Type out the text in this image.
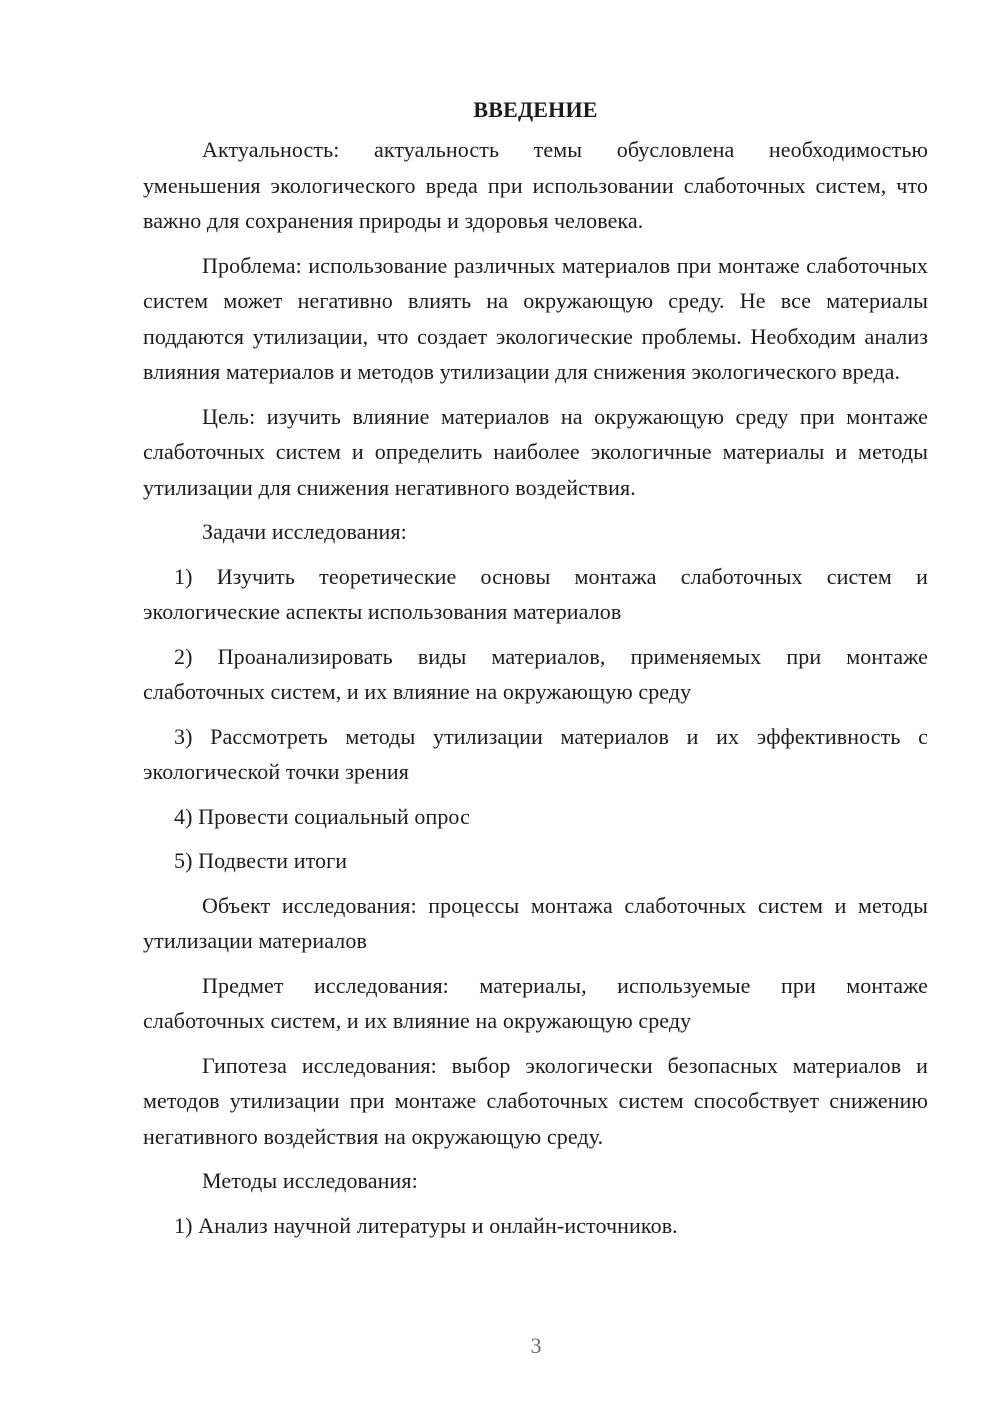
ВВЕДЕНИЕ

Актуальность: актуальность темы обусловлена необходимостью уменьшения экологического вреда при использовании слаботочных систем, что важно для сохранения природы и здоровья человека.

Проблема: использование различных материалов при монтаже слаботочных систем может негативно влиять на окружающую среду. Не все материалы поддаются утилизации, что создает экологические проблемы. Необходим анализ влияния материалов и методов утилизации для снижения экологического вреда.

Цель: изучить влияние материалов на окружающую среду при монтаже слаботочных систем и определить наиболее экологичные материалы и методы утилизации для снижения негативного воздействия.

Задачи исследования:

1) Изучить теоретические основы монтажа слаботочных систем и экологические аспекты использования материалов

2) Проанализировать виды материалов, применяемых при монтаже слаботочных систем, и их влияние на окружающую среду

3) Рассмотреть методы утилизации материалов и их эффективность с экологической точки зрения

4) Провести социальный опрос

5) Подвести итоги

Объект исследования: процессы монтажа слаботочных систем и методы утилизации материалов

Предмет исследования: материалы, используемые при монтаже слаботочных систем, и их влияние на окружающую среду

Гипотеза исследования: выбор экологически безопасных материалов и методов утилизации при монтаже слаботочных систем способствует снижению негативного воздействия на окружающую среду.

Методы исследования:

1) Анализ научной литературы и онлайн-источников.

3
